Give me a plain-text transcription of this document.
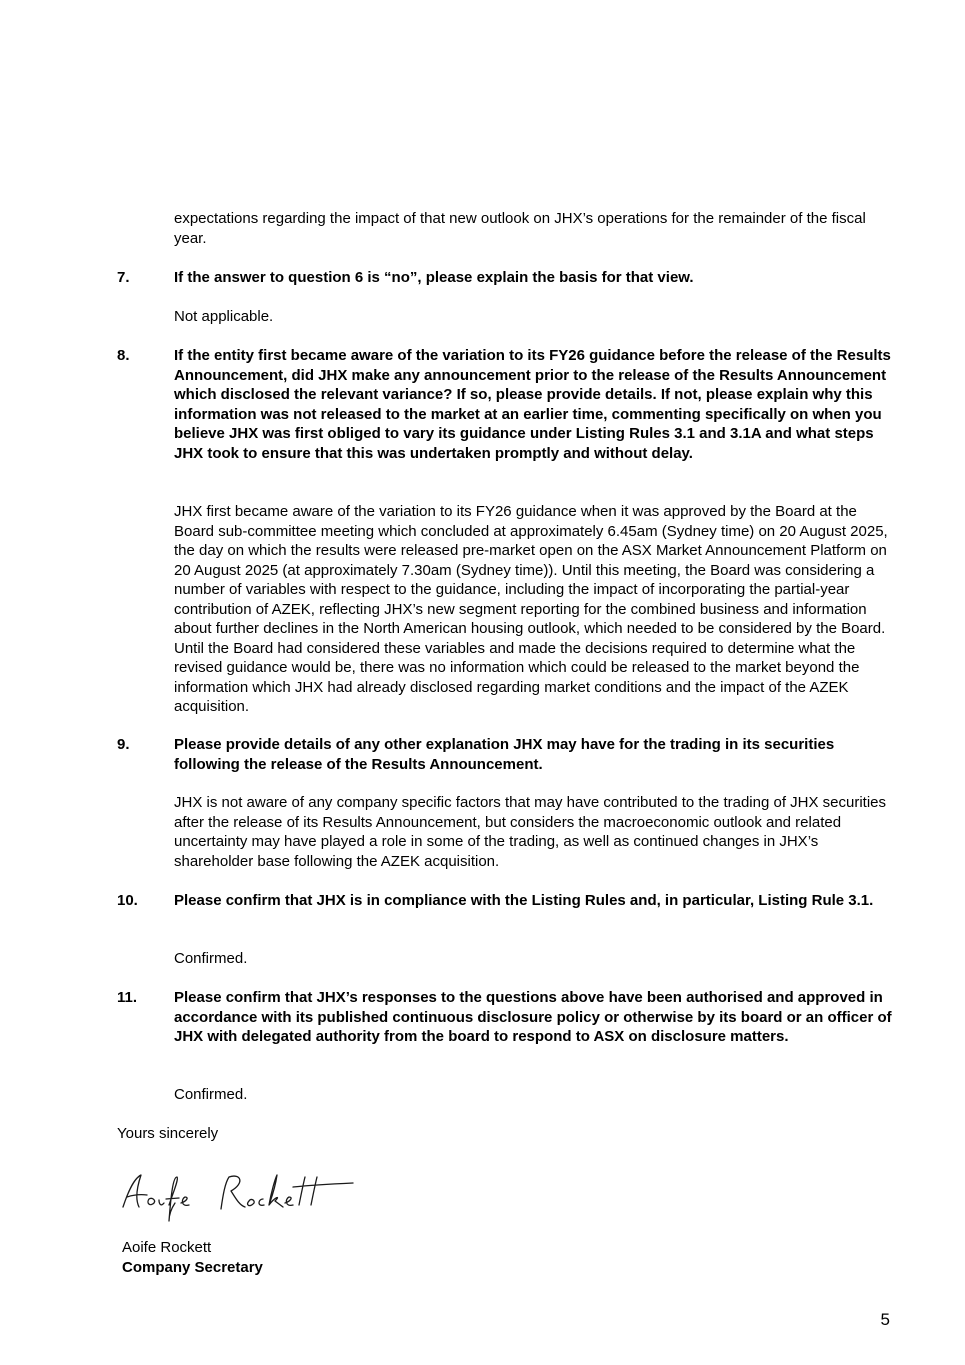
expectations regarding the impact of that new outlook on JHX’s operations for the remainder of the fiscal year.

7.	If the answer to question 6 is “no”, please explain the basis for that view.

Not applicable.

8.	If the entity first became aware of the variation to its FY26 guidance before the release of the Results Announcement, did JHX make any announcement prior to the release of the Results Announcement which disclosed the relevant variance? If so, please provide details. If not, please explain why this information was not released to the market at an earlier time, commenting specifically on when you believe JHX was first obliged to vary its guidance under Listing Rules 3.1 and 3.1A and what steps JHX took to ensure that this was undertaken promptly and without delay.

JHX first became aware of the variation to its FY26 guidance when it was approved by the Board at the Board sub-committee meeting which concluded at approximately 6.45am (Sydney time) on 20 August 2025, the day on which the results were released pre-market open on the ASX Market Announcement Platform on 20 August 2025 (at approximately 7.30am (Sydney time)). Until this meeting, the Board was considering a number of variables with respect to the guidance, including the impact of incorporating the partial-year contribution of AZEK, reflecting JHX’s new segment reporting for the combined business and information about further declines in the North American housing outlook, which needed to be considered by the Board. Until the Board had considered these variables and made the decisions required to determine what the revised guidance would be, there was no information which could be released to the market beyond the information which JHX had already disclosed regarding market conditions and the impact of the AZEK acquisition.

9.	Please provide details of any other explanation JHX may have for the trading in its securities following the release of the Results Announcement.

JHX is not aware of any company specific factors that may have contributed to the trading of JHX securities after the release of its Results Announcement, but considers the macroeconomic outlook and related uncertainty may have played a role in some of the trading, as well as continued changes in JHX’s shareholder base following the AZEK acquisition.

10.	Please confirm that JHX is in compliance with the Listing Rules and, in particular, Listing Rule 3.1.

Confirmed.

11.	Please confirm that JHX’s responses to the questions above have been authorised and approved in accordance with its published continuous disclosure policy or otherwise by its board or an officer of JHX with delegated authority from the board to respond to ASX on disclosure matters.

Confirmed.

Yours sincerely

Aoife Rockett
Company Secretary
5
